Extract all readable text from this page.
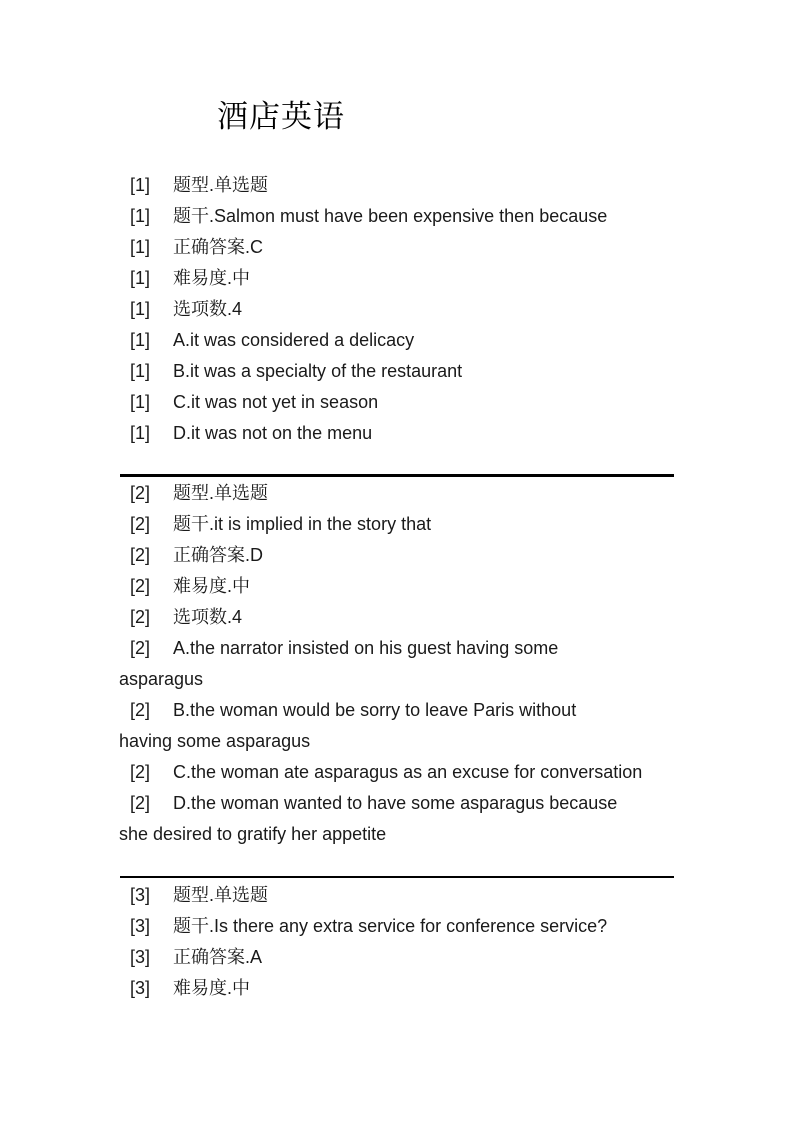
酒店英语

[1] 题型.单选题

[1] 题干.Salmon must have been expensive then because

[1] 正确答案.C

[1] 难易度.中

[1] 选项数.4

[1] A.it was considered a delicacy

[1] B.it was a specialty of the restaurant

[1] C.it was not yet in season

[1] D.it was not on the menu

[2] 题型.单选题

[2] 题干.it is implied in the story that

[2] 正确答案.D

[2] 难易度.中

[2] 选项数.4

[2] A.the narrator insisted on his guest having some

asparagus

[2] B.the woman would be sorry to leave Paris without

having some asparagus

[2] C.the woman ate asparagus as an excuse for conversation

[2] D.the woman wanted to have some asparagus because

she desired to gratify her appetite

[3] 题型.单选题

[3] 题干.Is there any extra service for conference service?

[3] 正确答案.A

[3] 难易度.中
